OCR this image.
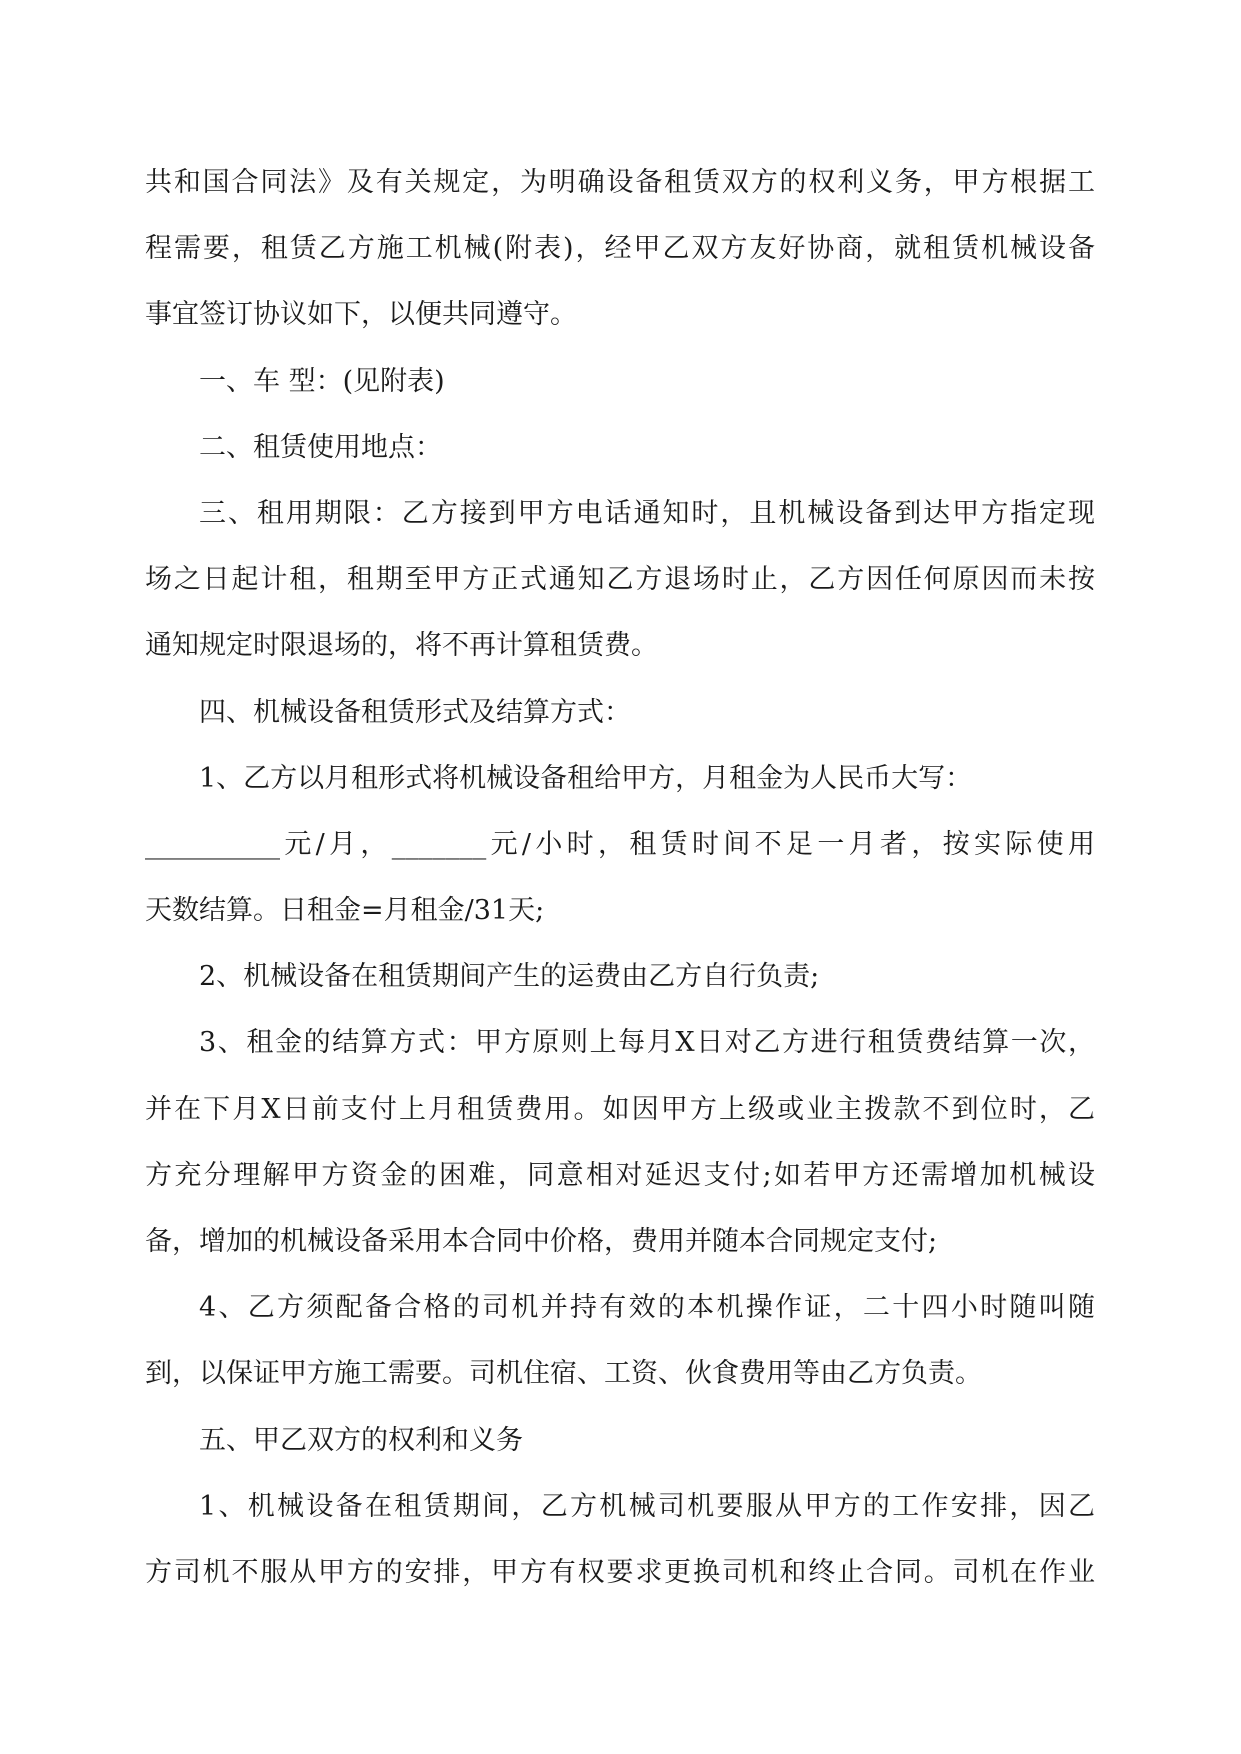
共和国合同法》及有关规定，为明确设备租赁双方的权利义务，甲方根据工
程需要，租赁乙方施工机械(附表)，经甲乙双方友好协商，就租赁机械设备
事宜签订协议如下，以便共同遵守。
一、车 型：(见附表)
二、租赁使用地点：
三、租用期限：乙方接到甲方电话通知时，且机械设备到达甲方指定现
场之日起计租，租期至甲方正式通知乙方退场时止，乙方因任何原因而未按
通知规定时限退场的，将不再计算租赁费。
四、机械设备租赁形式及结算方式：
1、乙方以月租形式将机械设备租给甲方，月租金为人民币大写：
__________元/月，_______元/小时，租赁时间不足一月者，按实际使用
天数结算。日租金=月租金/31天;
2、机械设备在租赁期间产生的运费由乙方自行负责;
3、租金的结算方式：甲方原则上每月X日对乙方进行租赁费结算一次，
并在下月X日前支付上月租赁费用。如因甲方上级或业主拨款不到位时，乙
方充分理解甲方资金的困难，同意相对延迟支付;如若甲方还需增加机械设
备，增加的机械设备采用本合同中价格，费用并随本合同规定支付;
4、乙方须配备合格的司机并持有效的本机操作证，二十四小时随叫随
到，以保证甲方施工需要。司机住宿、工资、伙食费用等由乙方负责。
五、甲乙双方的权利和义务
1、机械设备在租赁期间，乙方机械司机要服从甲方的工作安排，因乙
方司机不服从甲方的安排，甲方有权要求更换司机和终止合同。司机在作业
